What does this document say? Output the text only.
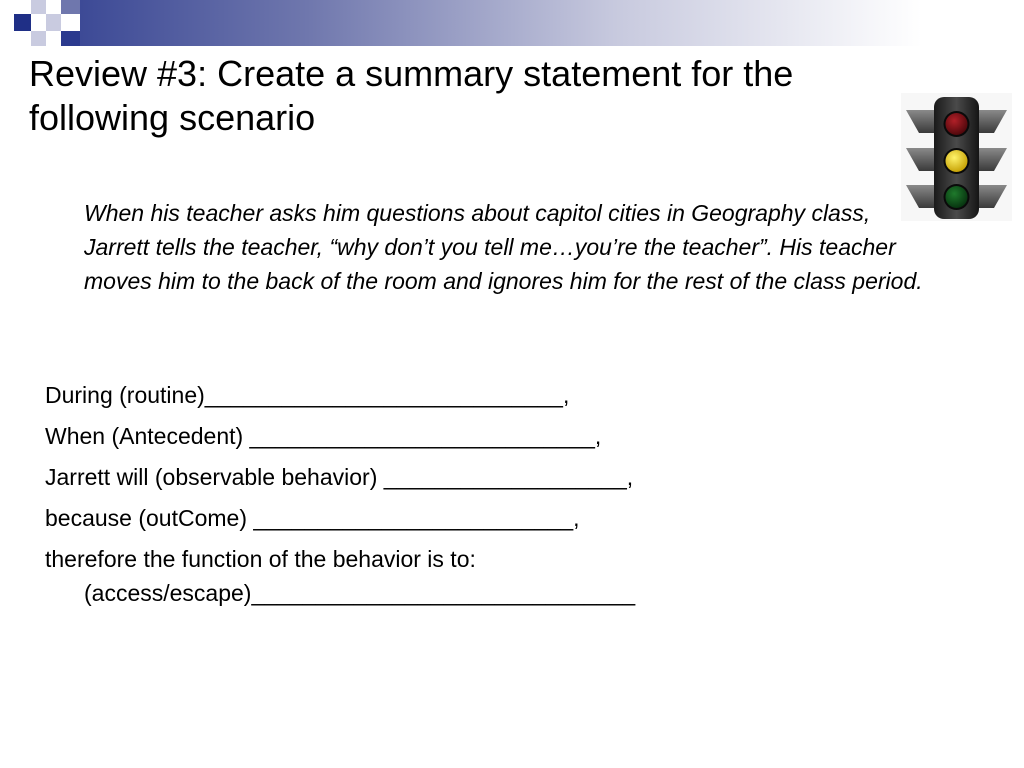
Review #3: Create a summary statement for the following scenario

When his teacher asks him questions about capitol cities in Geography class, Jarrett tells the teacher, “why don’t you tell me…you’re the teacher”. His teacher moves him to the back of the room and ignores him for the rest of the class period.

During (routine)____________________________,
When (Antecedent) ___________________________,
Jarrett will (observable behavior) ___________________,
because (outCome) _________________________,
therefore the function of the behavior is to:
(access/escape)______________________________
